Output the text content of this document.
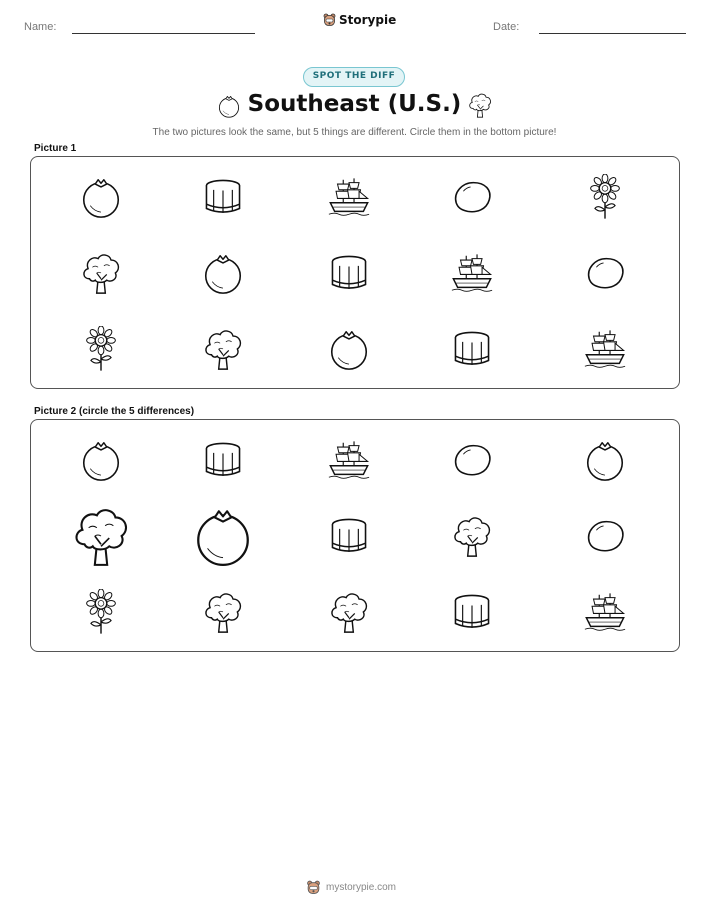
Name:	Storypie	Date:
SPOT THE DIFF
Southeast (U.S.)
The two pictures look the same, but 5 things are different. Circle them in the bottom picture!
Picture 1
Picture 2 (circle the 5 differences)
mystorypie.com
